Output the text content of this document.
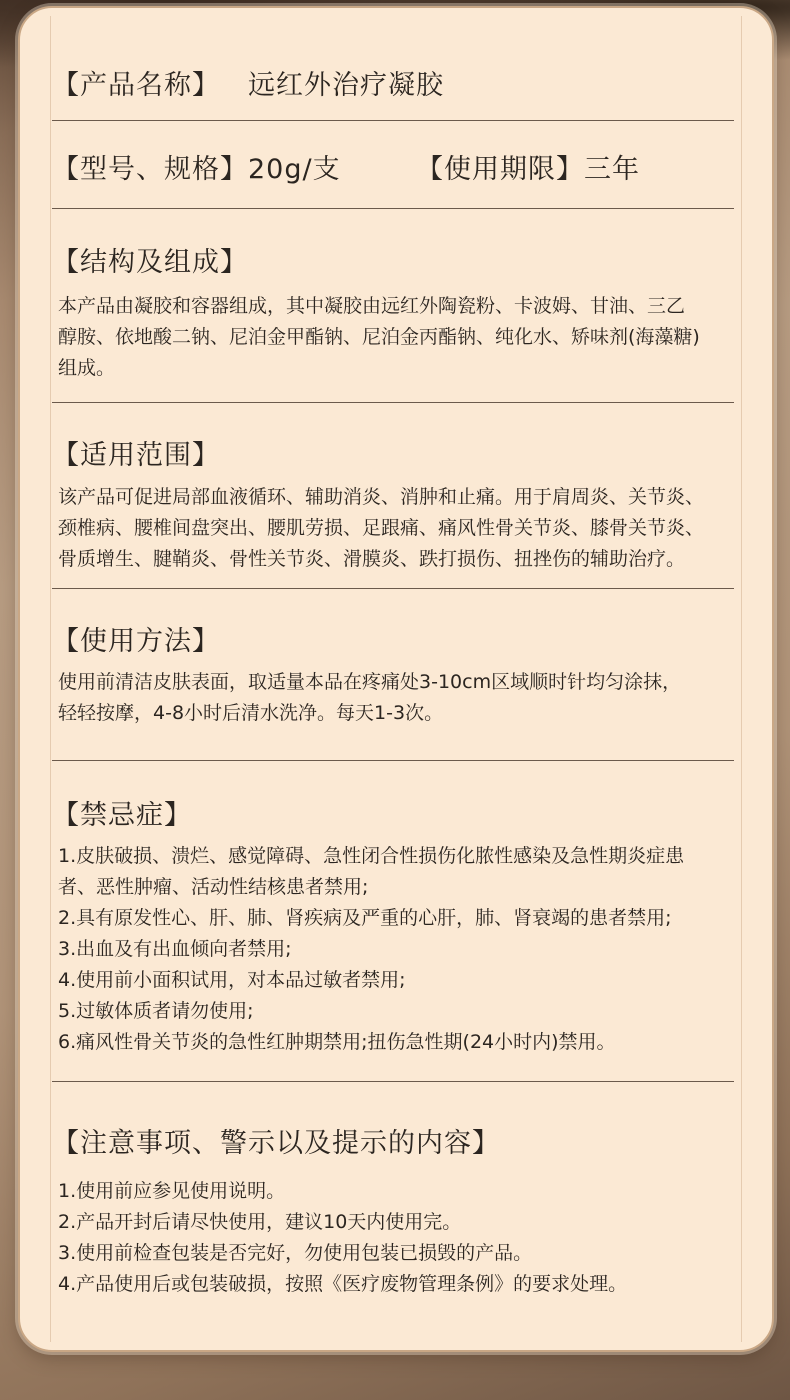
【产品名称】 远红外治疗凝胶
【型号、规格】20g/支	【使用期限】三年
【结构及组成】
本产品由凝胶和容器组成，其中凝胶由远红外陶瓷粉、卡波姆、甘油、三乙
醇胺、依地酸二钠、尼泊金甲酯钠、尼泊金丙酯钠、纯化水、矫味剂(海藻糖)
组成。
【适用范围】
该产品可促进局部血液循环、辅助消炎、消肿和止痛。用于肩周炎、关节炎、
颈椎病、腰椎间盘突出、腰肌劳损、足跟痛、痛风性骨关节炎、膝骨关节炎、
骨质增生、腱鞘炎、骨性关节炎、滑膜炎、跌打损伤、扭挫伤的辅助治疗。
【使用方法】
使用前清洁皮肤表面，取适量本品在疼痛处3-10cm区域顺时针均匀涂抹，
轻轻按摩，4-8小时后清水洗净。每天1-3次。
【禁忌症】
1.皮肤破损、溃烂、感觉障碍、急性闭合性损伤化脓性感染及急性期炎症患
者、恶性肿瘤、活动性结核患者禁用;
2.具有原发性心、肝、肺、肾疾病及严重的心肝，肺、肾衰竭的患者禁用;
3.出血及有出血倾向者禁用;
4.使用前小面积试用，对本品过敏者禁用;
5.过敏体质者请勿使用;
6.痛风性骨关节炎的急性红肿期禁用;扭伤急性期(24小时内)禁用。
【注意事项、警示以及提示的内容】
1.使用前应参见使用说明。
2.产品开封后请尽快使用，建议10天内使用完。
3.使用前检查包装是否完好，勿使用包装已损毁的产品。
4.产品使用后或包装破损，按照《医疗废物管理条例》的要求处理。
